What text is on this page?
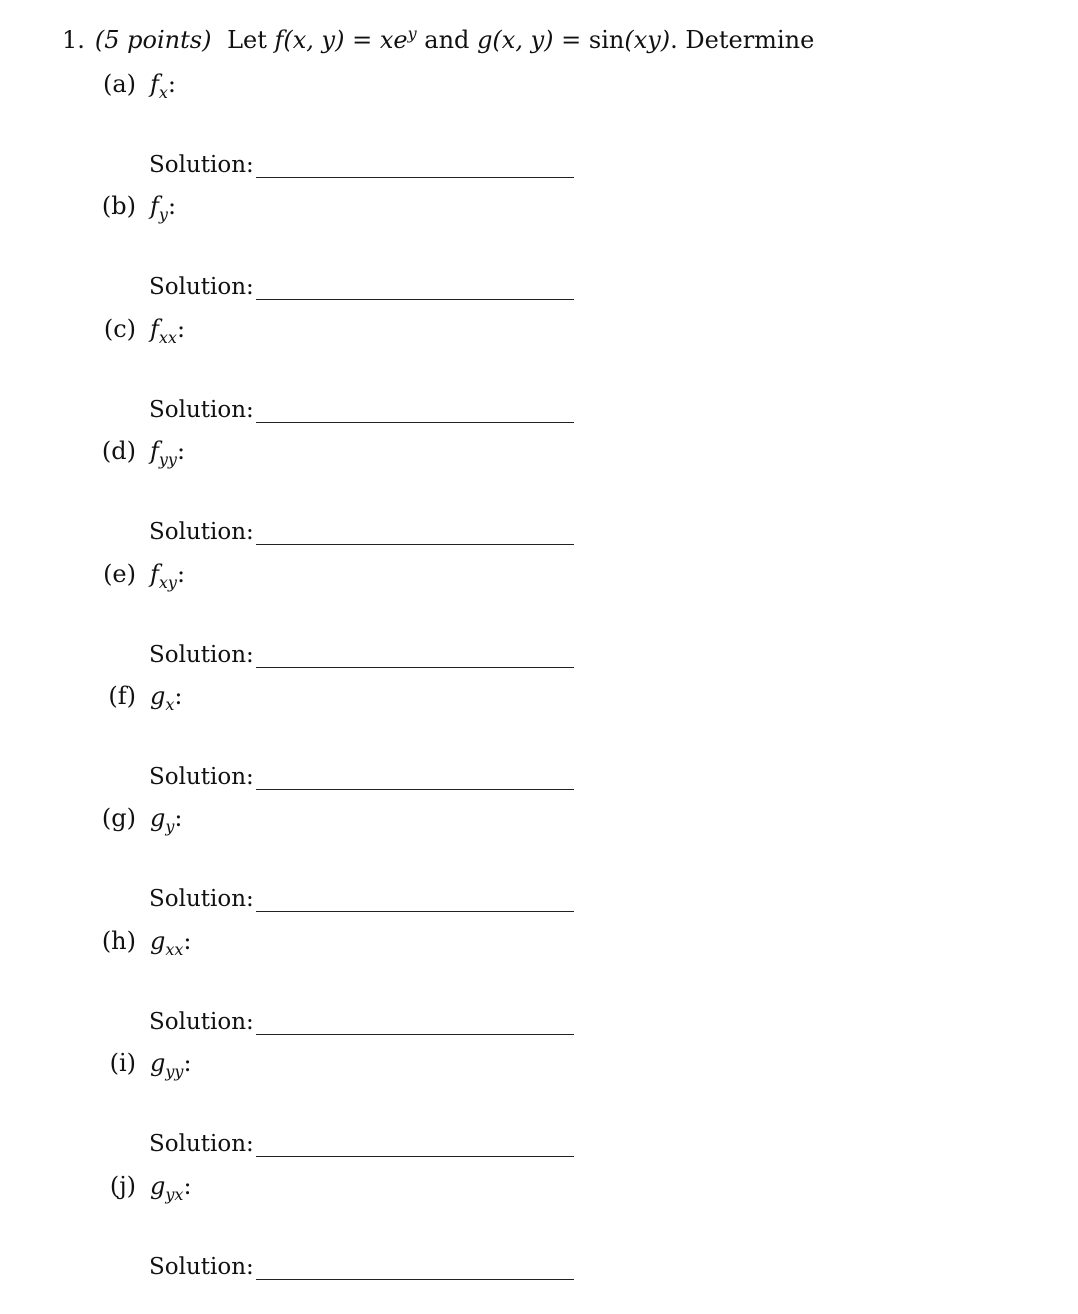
1. (5 points) Let f(x, $y) = xe^y$ and g(x, y) = sin(xy). Determine
(a) $f_x$:
Solution:
(b) $f_y$:
Solution:
(c) $f_{xx}$:
Solution:
(d) $f_{yy}$:
Solution:
(e) $f_{xy}$:
Solution:
(f) $g_x$:
Solution:
(g) $g_y$:
Solution:
(h) $g_{xx}$:
Solution:
(i) $g_{yy}$:
Solution:
(j) $g_{yx}$:
Solution:
